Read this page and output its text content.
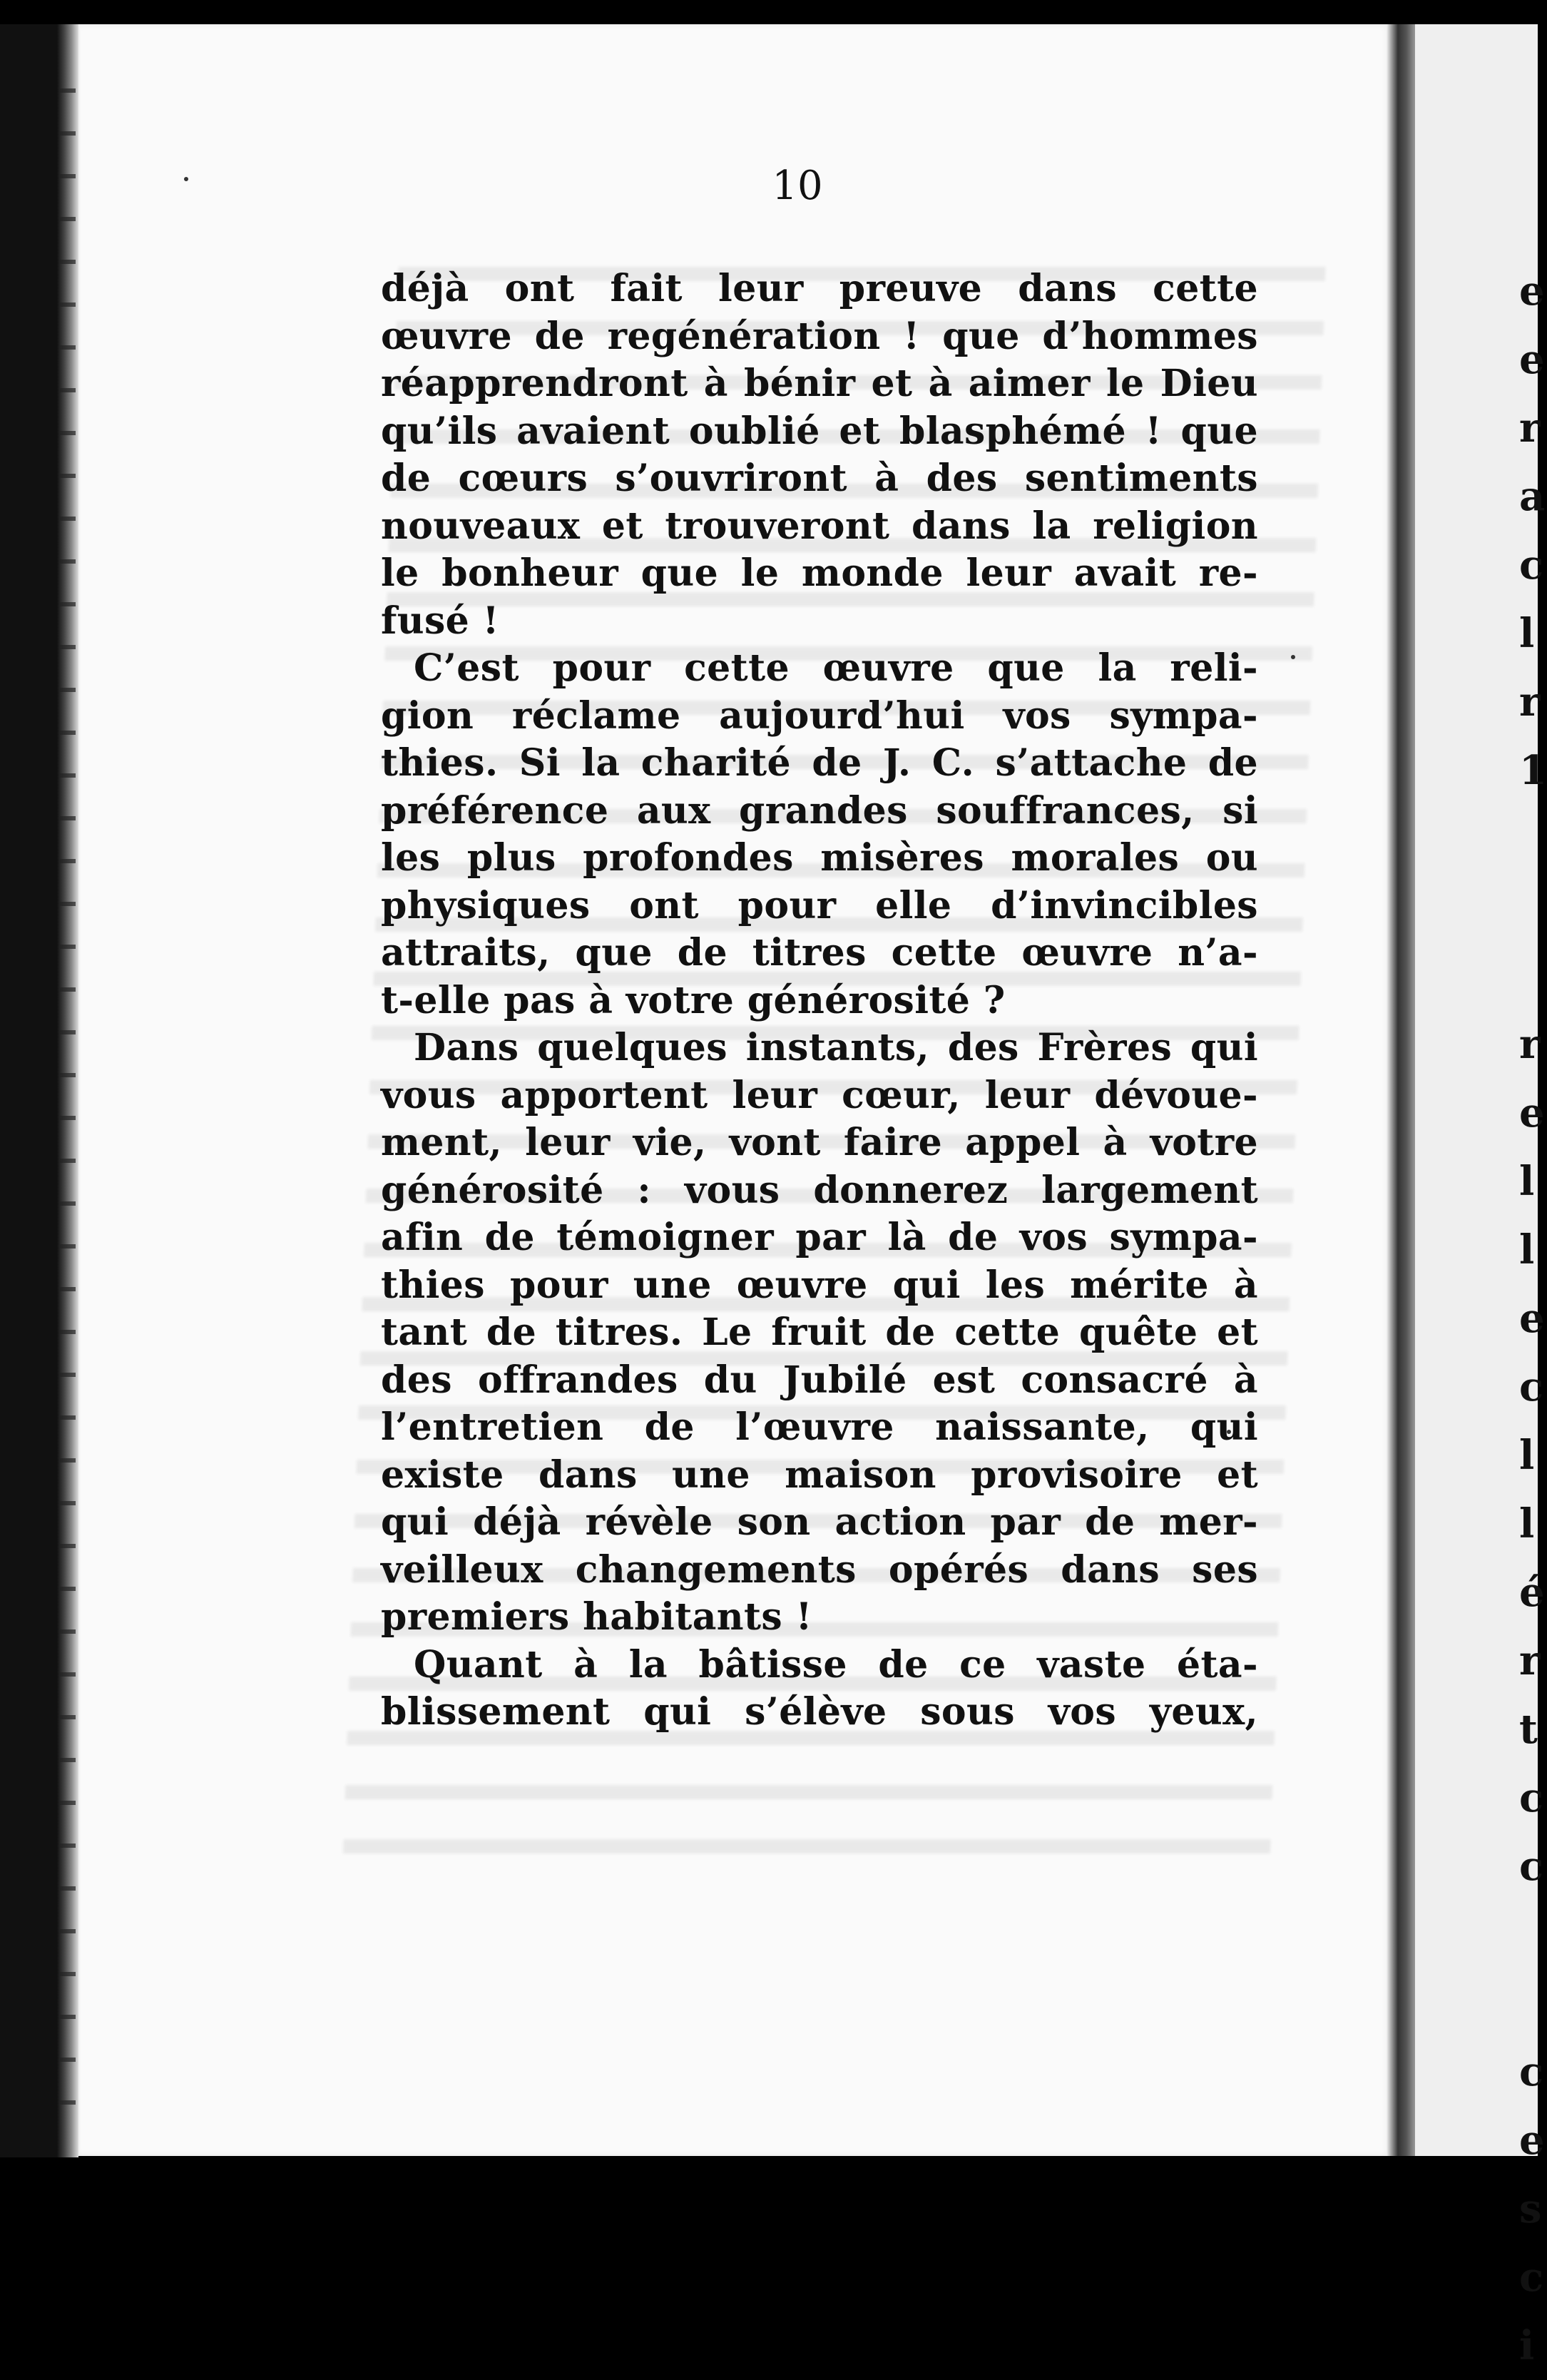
e
e
r
a
c
l
r
1

r
e
l
l
e
c
l
l
é
r
t
c
c

c
e
s
c
i
10
déjà ont fait leur preuve dans cette
œuvre de regénération ! que d’hommes
réapprendront à bénir et à aimer le Dieu
qu’ils avaient oublié et blasphémé ! que
de cœurs s’ouvriront à des sentiments
nouveaux et trouveront dans la religion
le bonheur que le monde leur avait re-
fusé !
C’est pour cette œuvre que la reli-
gion réclame aujourd’hui vos sympa-
thies. Si la charité de J. C. s’attache de
préférence aux grandes souffrances, si
les plus profondes misères morales ou
physiques ont pour elle d’invincibles
attraits, que de titres cette œuvre n’a-
t-elle pas à votre générosité ?
Dans quelques instants, des Frères qui
vous apportent leur cœur, leur dévoue-
ment, leur vie, vont faire appel à votre
générosité : vous donnerez largement
afin de témoigner par là de vos sympa-
thies pour une œuvre qui les mérite à
tant de titres. Le fruit de cette quête et
des offrandes du Jubilé est consacré à
l’entretien de l’œuvre naissante, qui
existe dans une maison provisoire et
qui déjà révèle son action par de mer-
veilleux changements opérés dans ses
premiers habitants !
Quant à la bâtisse de ce vaste éta-
blissement qui s’élève sous vos yeux,
